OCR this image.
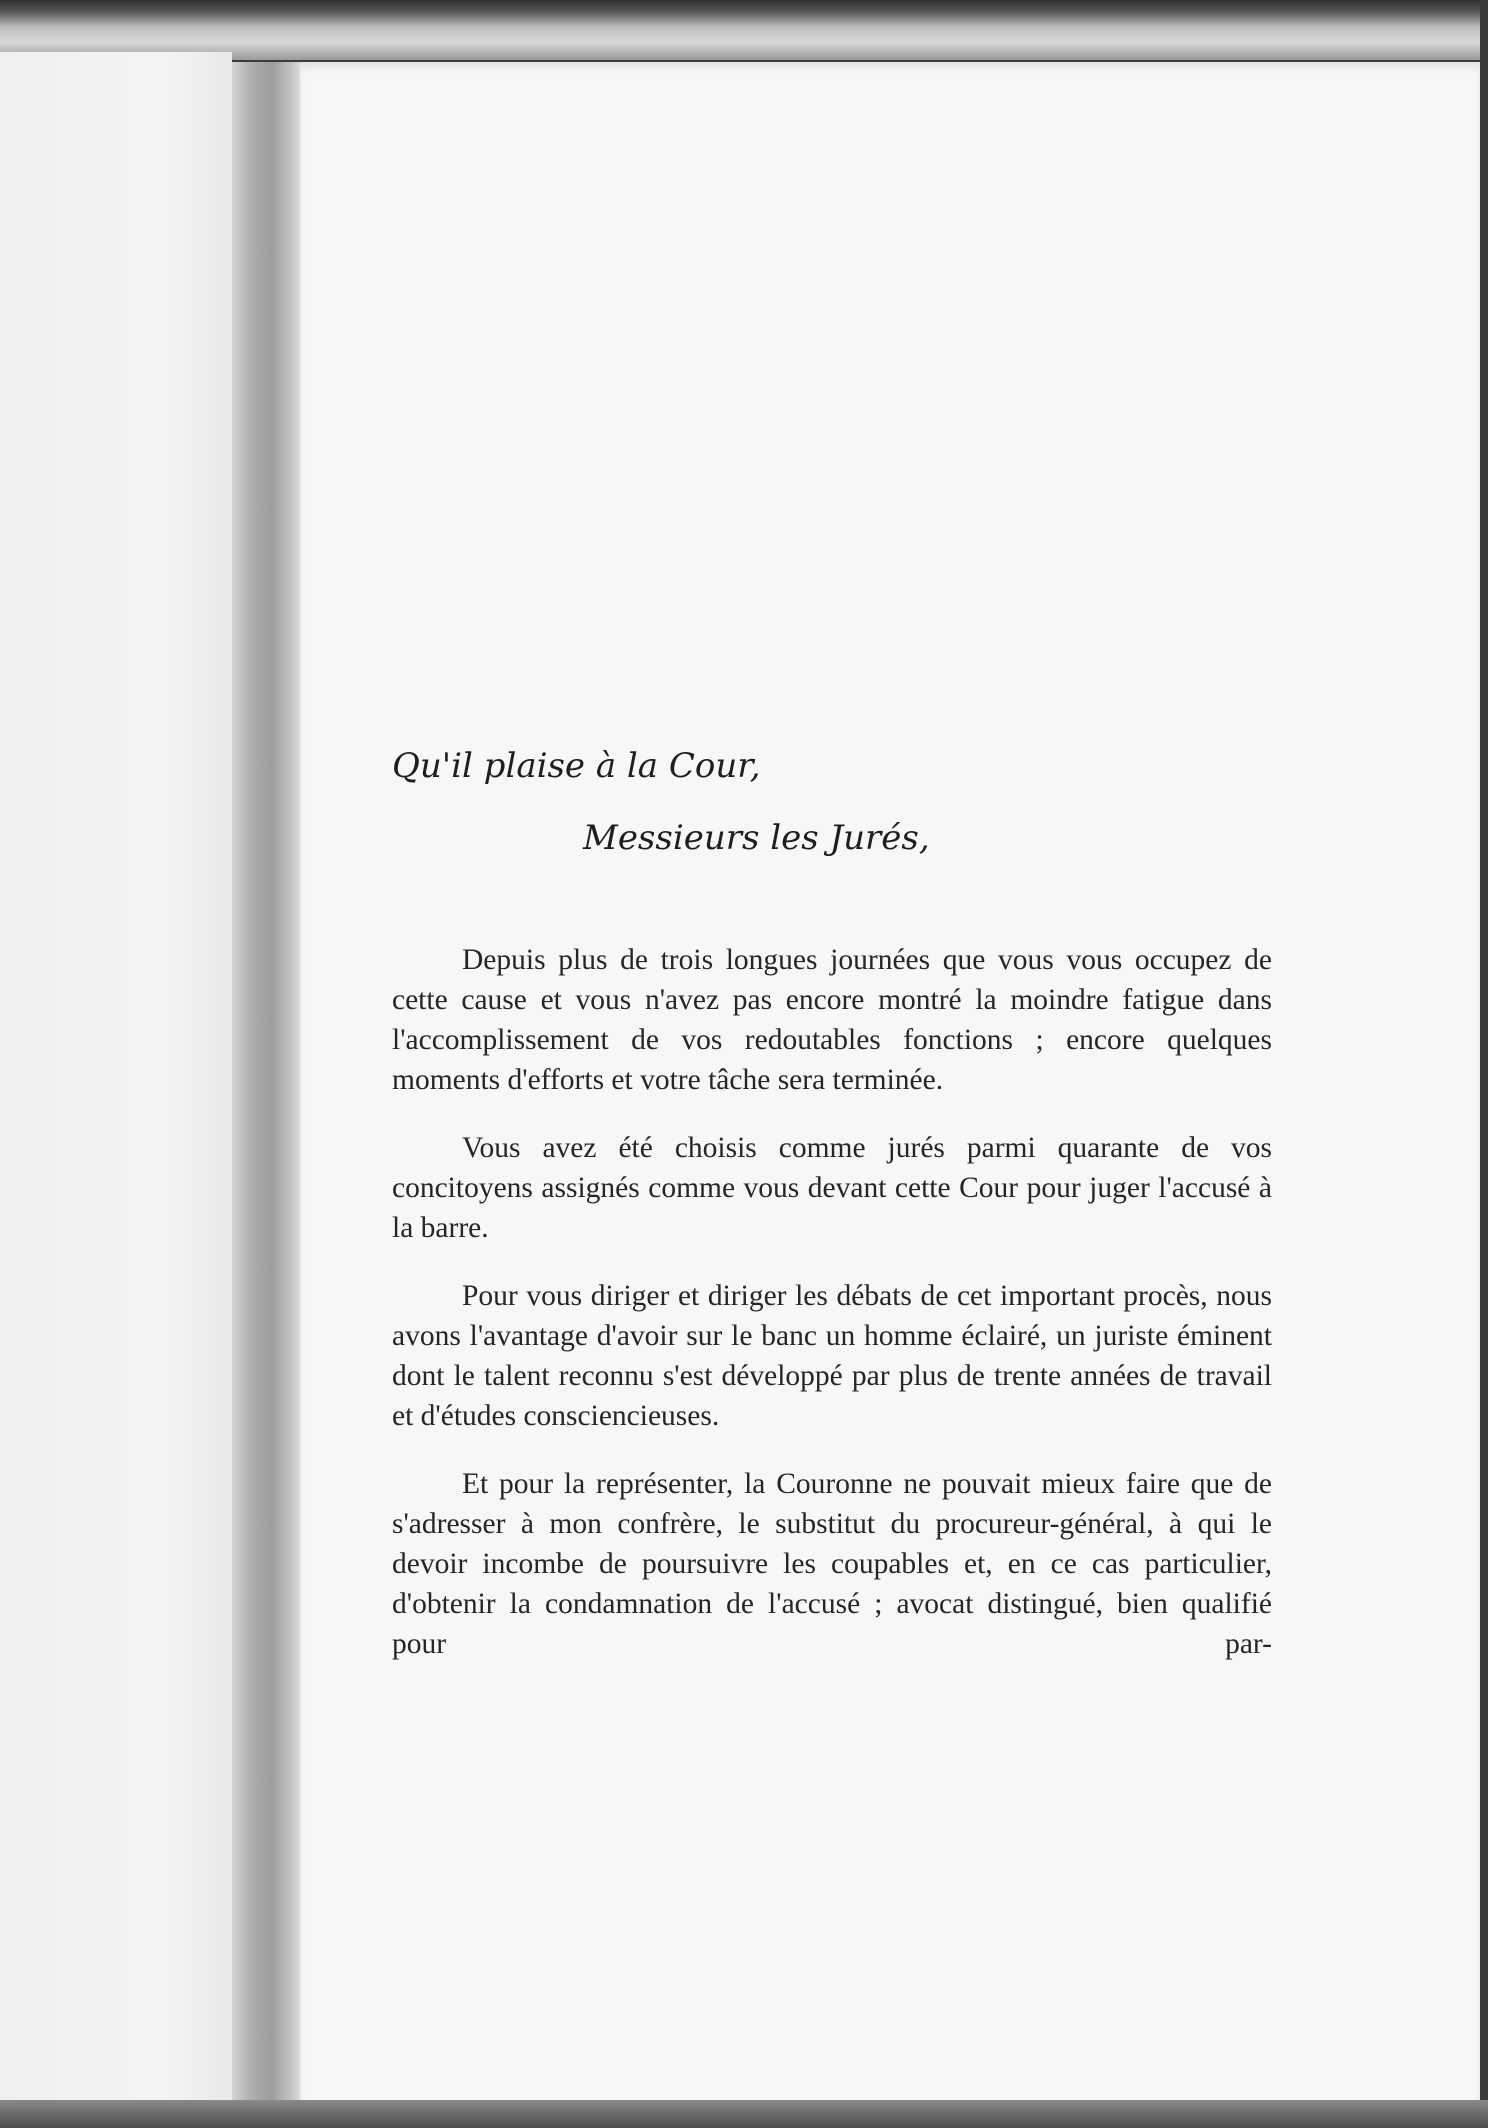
Qu'il plaise à la Cour,
Messieurs les Jurés,

Depuis plus de trois longues journées que vous vous occupez de cette cause et vous n'avez pas encore montré la moindre fatigue dans l'accomplissement de vos redoutables fonctions ; encore quelques moments d'efforts et votre tâche sera terminée.

Vous avez été choisis comme jurés parmi quarante de vos concitoyens assignés comme vous devant cette Cour pour juger l'accusé à la barre.

Pour vous diriger et diriger les débats de cet important procès, nous avons l'avantage d'avoir sur le banc un homme éclairé, un juriste éminent dont le talent reconnu s'est développé par plus de trente années de travail et d'études consciencieuses.

Et pour la représenter, la Couronne ne pouvait mieux faire que de s'adresser à mon confrère, le substitut du procureur-général, à qui le devoir incombe de poursuivre les coupables et, en ce cas particulier, d'obtenir la condamnation de l'accusé ; avocat distingué, bien qualifié pour par-
